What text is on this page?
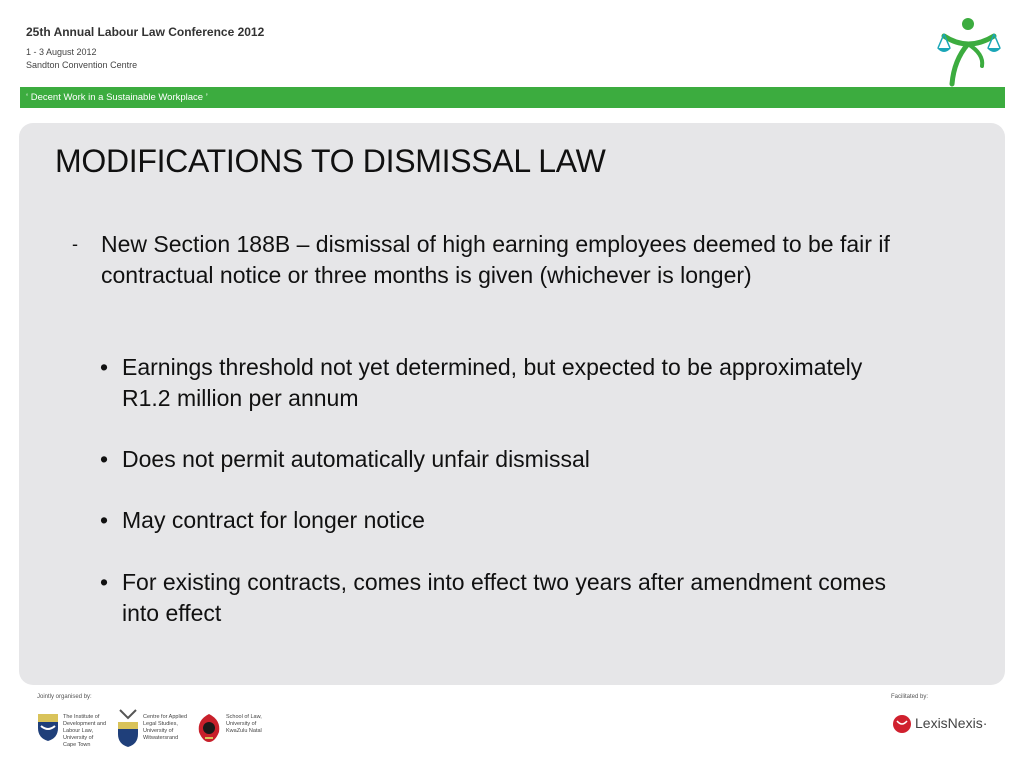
25th Annual Labour Law Conference 2012
1 - 3 August 2012
Sandton Convention Centre
‘ Decent Work in a Sustainable Workplace ’
MODIFICATIONS TO DISMISSAL LAW
- New Section 188B – dismissal of high earning employees deemed to be fair if contractual notice or three months is given (whichever is longer)
• Earnings threshold not yet determined, but expected to be approximately R1.2 million per annum
• Does not permit automatically unfair dismissal
• May contract for longer notice
• For existing contracts, comes into effect two years after amendment comes into effect
Jointly organised by:	Facilitated by:
The Institute of
Development and
Labour Law,
University of
Cape Town
Centre for Applied
Legal Studies,
University of
Witwatersrand
School of Law,
University of
KwaZulu Natal	LexisNexis·
